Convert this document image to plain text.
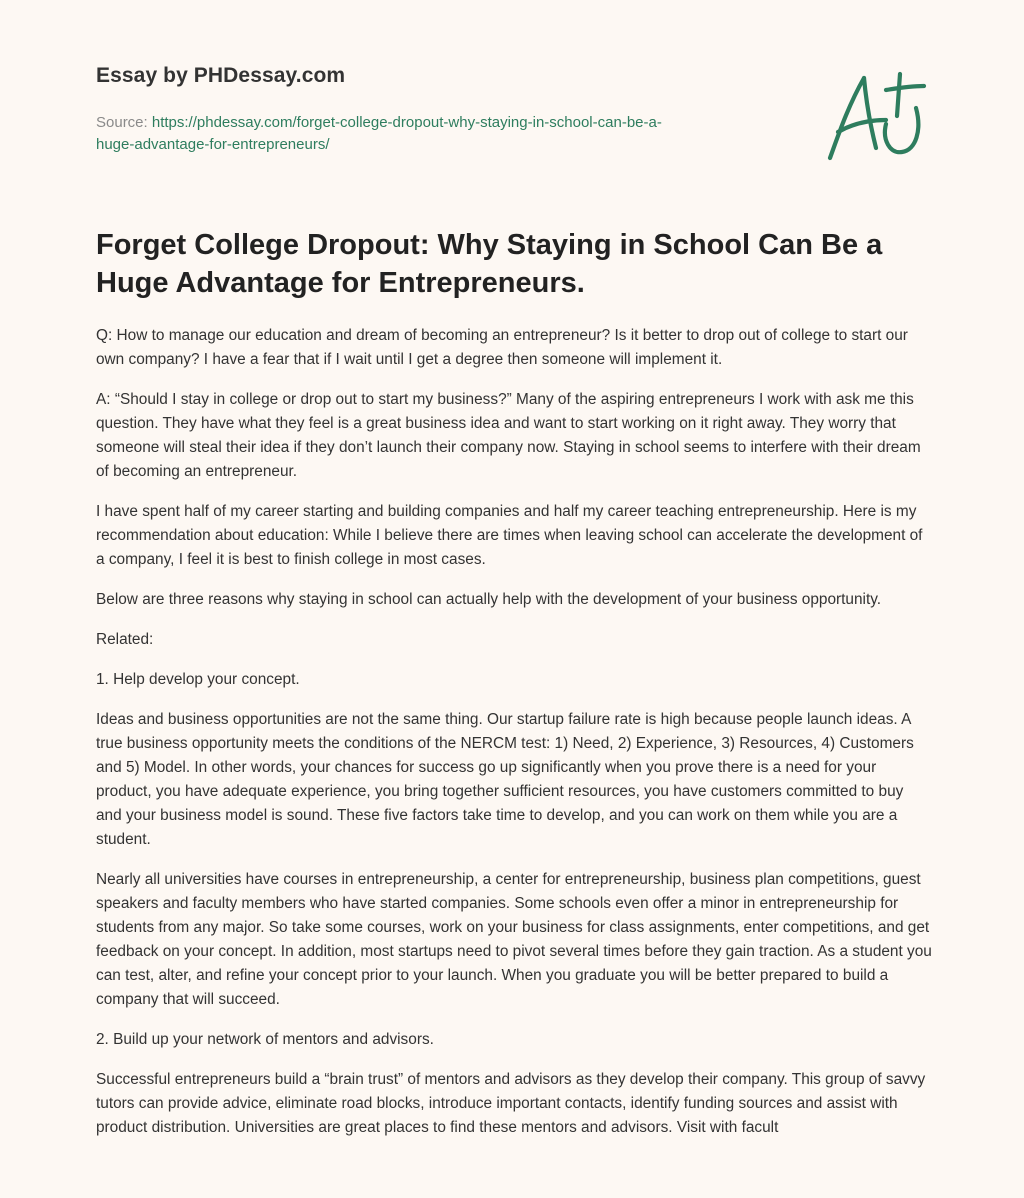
Essay by PHDessay.com

Source: https://phdessay.com/forget-college-dropout-why-staying-in-school-can-be-a-
huge-advantage-for-entrepreneurs/

Forget College Dropout: Why Staying in School Can Be a Huge Advantage for Entrepreneurs.

Q: How to manage our education and dream of becoming an entrepreneur? Is it better to drop out of college to start our own company? I have a fear that if I wait until I get a degree then someone will implement it.

A: “Should I stay in college or drop out to start my business?” Many of the aspiring entrepreneurs I work with ask me this question. They have what they feel is a great business idea and want to start working on it right away. They worry that someone will steal their idea if they don’t launch their company now. Staying in school seems to interfere with their dream of becoming an entrepreneur.

I have spent half of my career starting and building companies and half my career teaching entrepreneurship. Here is my recommendation about education: While I believe there are times when leaving school can accelerate the development of a company, I feel it is best to finish college in most cases.

Below are three reasons why staying in school can actually help with the development of your business opportunity.

Related:

1. Help develop your concept.

Ideas and business opportunities are not the same thing. Our startup failure rate is high because people launch ideas. A true business opportunity meets the conditions of the NERCM test: 1) Need, 2) Experience, 3) Resources, 4) Customers and 5) Model. In other words, your chances for success go up significantly when you prove there is a need for your product, you have adequate experience, you bring together sufficient resources, you have customers committed to buy and your business model is sound. These five factors take time to develop, and you can work on them while you are a student.

Nearly all universities have courses in entrepreneurship, a center for entrepreneurship, business plan competitions, guest speakers and faculty members who have started companies. Some schools even offer a minor in entrepreneurship for students from any major. So take some courses, work on your business for class assignments, enter competitions, and get feedback on your concept. In addition, most startups need to pivot several times before they gain traction. As a student you can test, alter, and refine your concept prior to your launch. When you graduate you will be better prepared to build a company that will succeed.

2. Build up your network of mentors and advisors.

Successful entrepreneurs build a “brain trust” of mentors and advisors as they develop their company. This group of savvy tutors can provide advice, eliminate road blocks, introduce important contacts, identify funding sources and assist with product distribution. Universities are great places to find these mentors and advisors. Visit with facult
